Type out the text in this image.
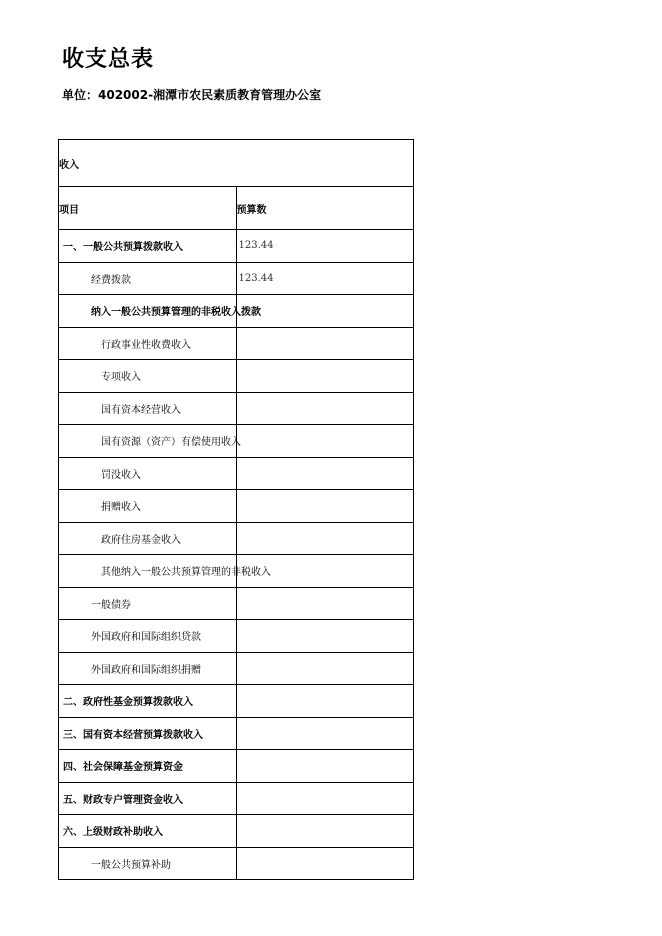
收支总表
单位：402002-湘潭市农民素质教育管理办公室
收入	
项目	预算数
一、一般公共预算拨款收入	123.44
经费拨款	123.44
纳入一般公共预算管理的非税收入拨款	
行政事业性收费收入	
专项收入	
国有资本经营收入	
国有资源（资产）有偿使用收入	
罚没收入	
捐赠收入	
政府住房基金收入	
其他纳入一般公共预算管理的非税收入	
一般债券	
外国政府和国际组织贷款	
外国政府和国际组织捐赠	
二、政府性基金预算拨款收入	
三、国有资本经营预算拨款收入	
四、社会保障基金预算资金	
五、财政专户管理资金收入	
六、上级财政补助收入	
一般公共预算补助	
